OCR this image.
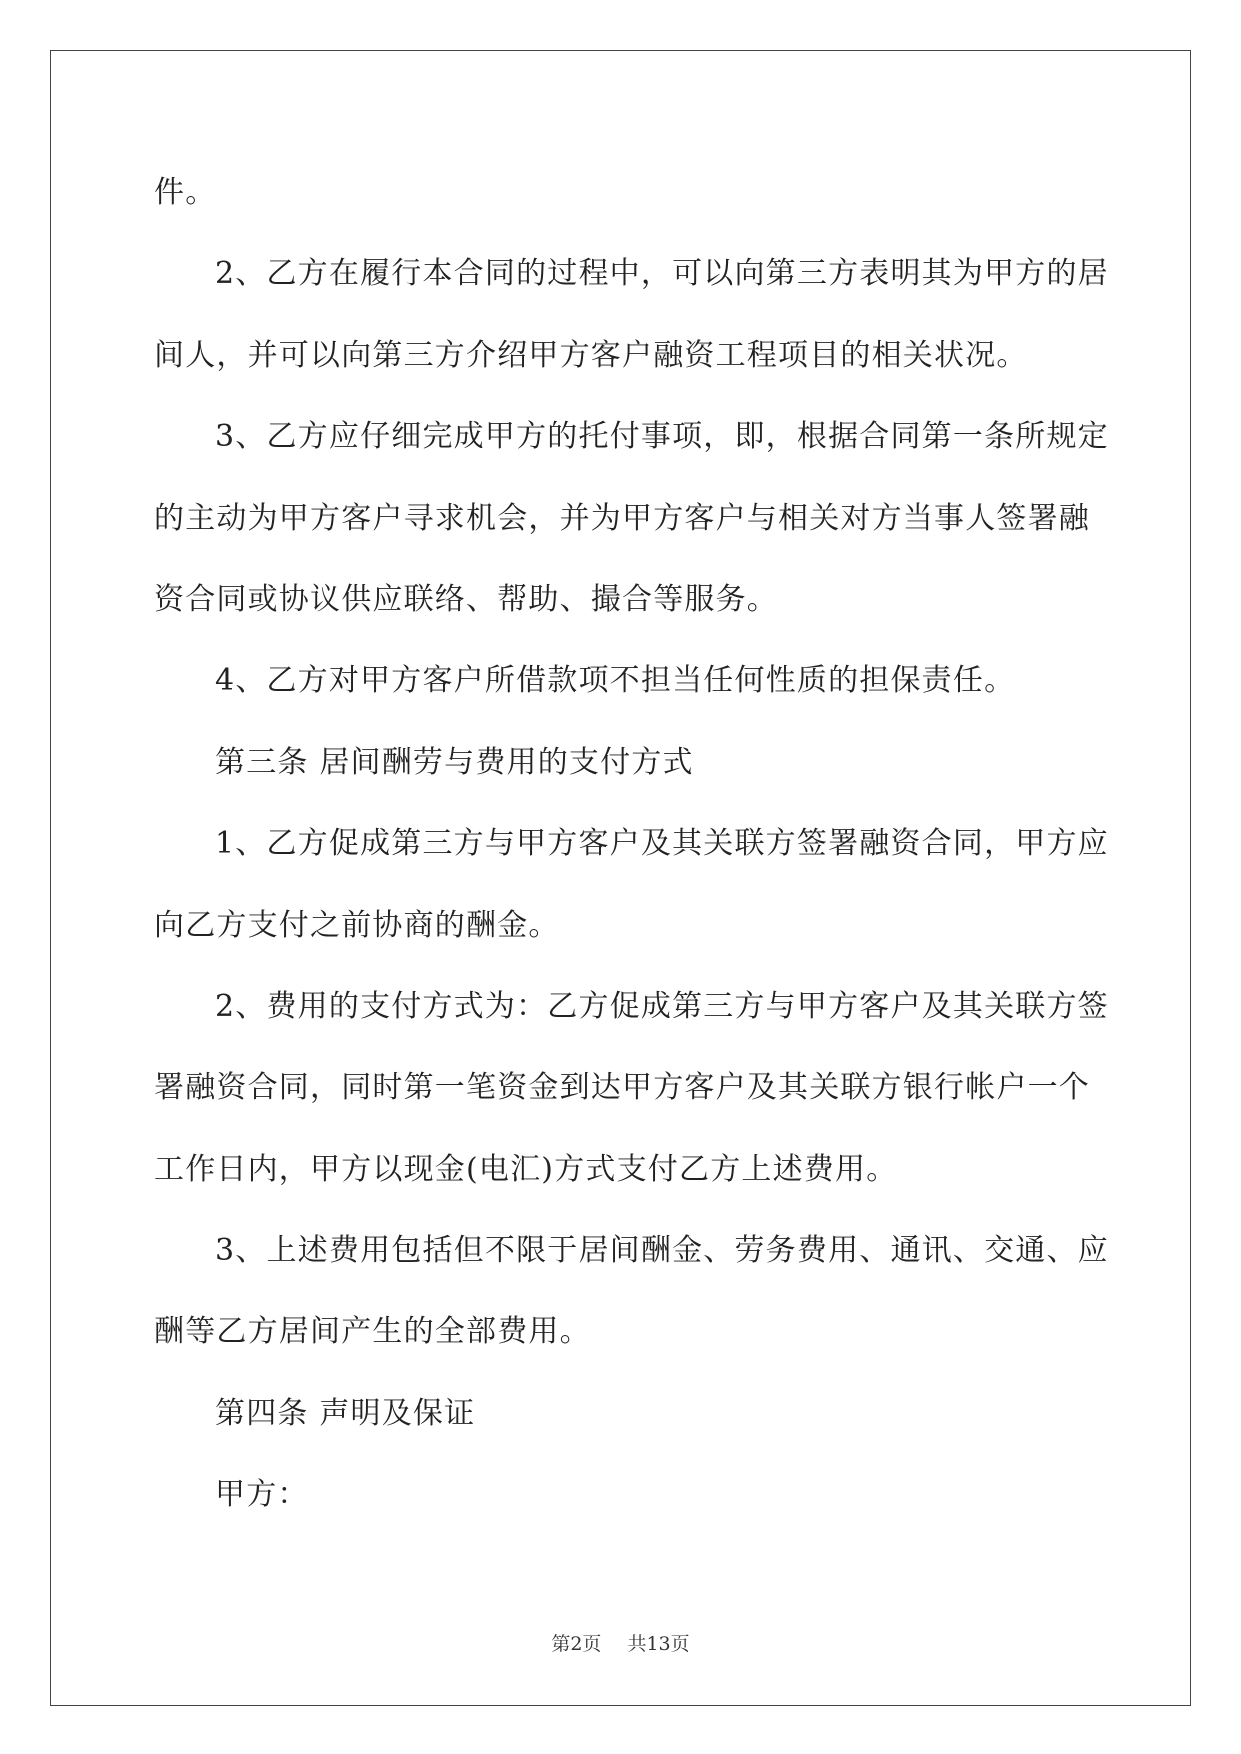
件。
2、乙方在履行本合同的过程中，可以向第三方表明其为甲方的居
间人，并可以向第三方介绍甲方客户融资工程项目的相关状况。
3、乙方应仔细完成甲方的托付事项，即，根据合同第一条所规定
的主动为甲方客户寻求机会，并为甲方客户与相关对方当事人签署融
资合同或协议供应联络、帮助、撮合等服务。
4、乙方对甲方客户所借款项不担当任何性质的担保责任。
第三条 居间酬劳与费用的支付方式
1、乙方促成第三方与甲方客户及其关联方签署融资合同，甲方应
向乙方支付之前协商的酬金。
2、费用的支付方式为：乙方促成第三方与甲方客户及其关联方签
署融资合同，同时第一笔资金到达甲方客户及其关联方银行帐户一个
工作日内，甲方以现金(电汇)方式支付乙方上述费用。
3、上述费用包括但不限于居间酬金、劳务费用、通讯、交通、应
酬等乙方居间产生的全部费用。
第四条 声明及保证
甲方：
第2页 共13页
